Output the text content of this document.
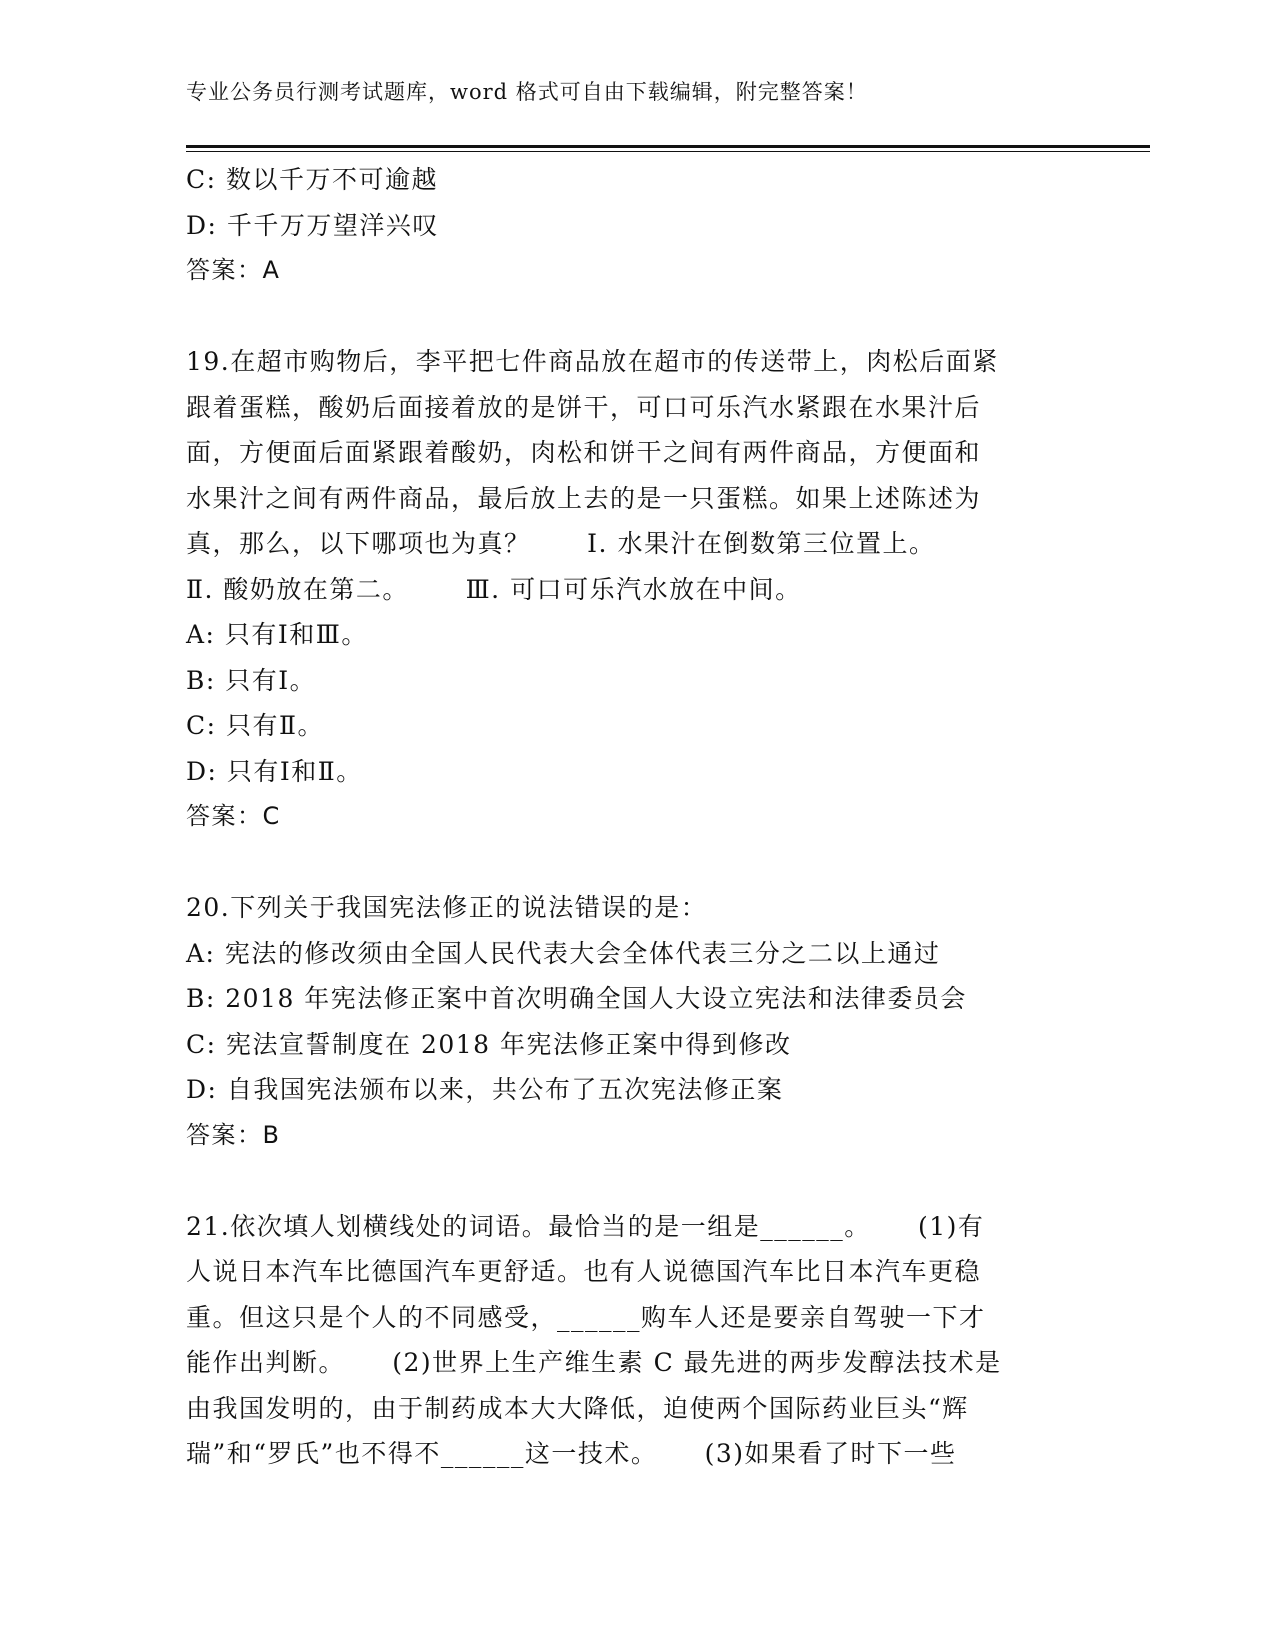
专业公务员行测考试题库，word 格式可自由下载编辑，附完整答案！
C: 数以千万不可逾越
D: 千千万万望洋兴叹
答案：A
19.在超市购物后，李平把七件商品放在超市的传送带上，肉松后面紧
跟着蛋糕，酸奶后面接着放的是饼干，可口可乐汽水紧跟在水果汁后
面，方便面后面紧跟着酸奶，肉松和饼干之间有两件商品，方便面和
水果汁之间有两件商品，最后放上去的是一只蛋糕。如果上述陈述为
真，那么，以下哪项也为真？      Ⅰ. 水果汁在倒数第三位置上。
Ⅱ. 酸奶放在第二。      Ⅲ. 可口可乐汽水放在中间。
A: 只有Ⅰ和Ⅲ。
B: 只有Ⅰ。
C: 只有Ⅱ。
D: 只有Ⅰ和Ⅱ。
答案：C
20.下列关于我国宪法修正的说法错误的是：
A: 宪法的修改须由全国人民代表大会全体代表三分之二以上通过
B: 2018 年宪法修正案中首次明确全国人大设立宪法和法律委员会
C: 宪法宣誓制度在 2018 年宪法修正案中得到修改
D: 自我国宪法颁布以来，共公布了五次宪法修正案
答案：B
21.依次填人划横线处的词语。最恰当的是一组是______。     (1)有
人说日本汽车比德国汽车更舒适。也有人说德国汽车比日本汽车更稳
重。但这只是个人的不同感受，______购车人还是要亲自驾驶一下才
能作出判断。     (2)世界上生产维生素 C 最先进的两步发醇法技术是
由我国发明的，由于制药成本大大降低，迫使两个国际药业巨头“辉
瑞”和“罗氏”也不得不______这一技术。     (3)如果看了时下一些
